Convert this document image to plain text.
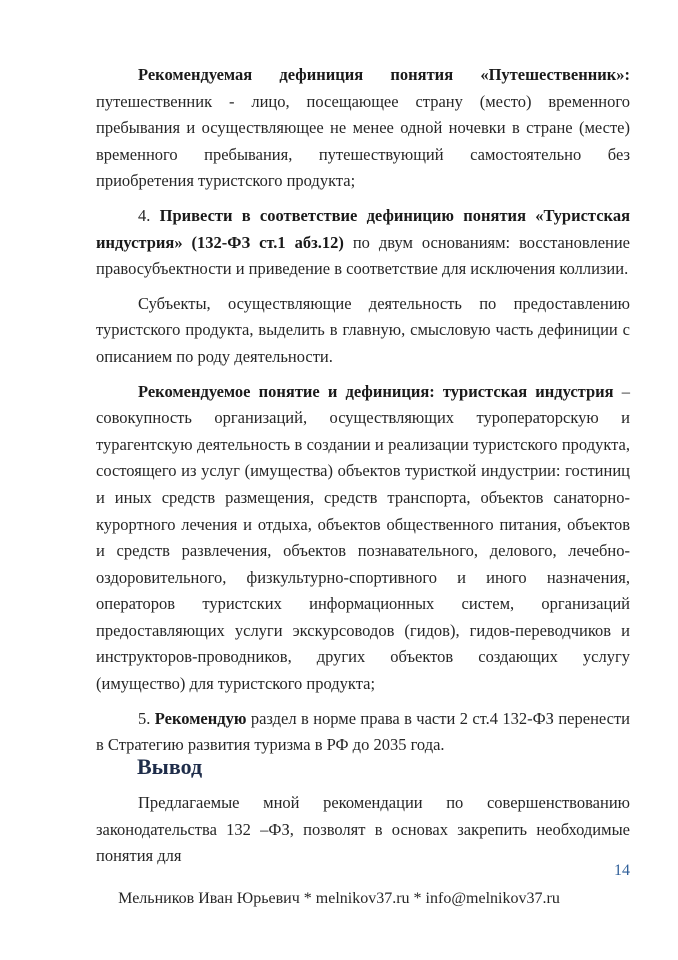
Рекомендуемая дефиниция понятия «Путешественник»: путешественник - лицо, посещающее страну (место) временного пребывания и осуществляющее не менее одной ночевки в стране (месте) временного пребывания, путешествующий самостоятельно без приобретения туристского продукта;

4. Привести в соответствие дефиницию понятия «Туристская индустрия» (132-ФЗ ст.1 абз.12) по двум основаниям: восстановление правосубъектности и приведение в соответствие для исключения коллизии.

Субъекты, осуществляющие деятельность по предоставлению туристского продукта, выделить в главную, смысловую часть дефиниции с описанием по роду деятельности.

Рекомендуемое понятие и дефиниция: туристская индустрия – совокупность организаций, осуществляющих туроператорскую и турагентскую деятельность в создании и реализации туристского продукта, состоящего из услуг (имущества) объектов туристкой индустрии: гостиниц и иных средств размещения, средств транспорта, объектов санаторно-курортного лечения и отдыха, объектов общественного питания, объектов и средств развлечения, объектов познавательного, делового, лечебно-оздоровительного, физкультурно-спортивного и иного назначения, операторов туристских информационных систем, организаций предоставляющих услуги экскурсоводов (гидов), гидов-переводчиков и инструкторов-проводников, других объектов создающих услугу (имущество) для туристского продукта;

5. Рекомендую раздел в норме права в части 2 ст.4 132-ФЗ перенести в Стратегию развития туризма в РФ до 2035 года.

Вывод

Предлагаемые мной рекомендации по совершенствованию законодательства 132 –ФЗ, позволят в основах закрепить необходимые понятия для

14
Мельников Иван Юрьевич * melnikov37.ru * info@melnikov37.ru
